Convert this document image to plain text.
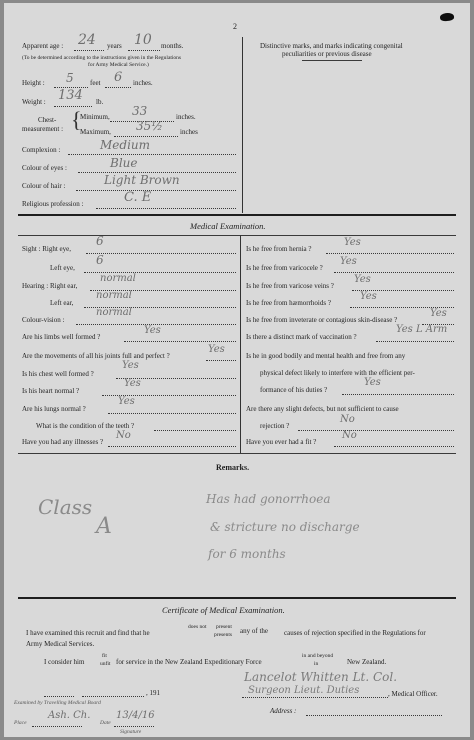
2
Apparent age : 24 years 10 months.
(To be determined according to the instructions given in the Regulations
for Army Medical Service.)
Height : 5 feet 6 inches.
Weight : 134 lb.
Chest-
measurement : {
Minimum, 33	inches.
Maximum, 35½ inches
Complexion :	Medium
Colour of eyes :	Blue
Colour of hair :	Light Brown
Religious profession :	C. E
Distinctive marks, and marks indicating congenital
peculiarities or previous disease
Medical Examination.
Sight : Right eye,
6
Left eye,
6
Hearing : Right ear,
normal
Left ear,
normal
Colour-vision :
normal
Are his limbs well formed ?
Yes
Are the movements of all his joints full and perfect ?
Yes
Is his chest well formed ?
Yes
Is his heart normal ?
Yes
Are his lungs normal ?
Yes
What is the condition of the teeth ?
Have you had any illnesses ?
No
Is he free from hernia ?
Yes
Is he free from varicocele ?
Yes
Is he free from varicose veins ?
Yes
Is he free from hæmorrhoids ?
Yes
Is he free from inveterate or contagious skin-disease ?
Yes
Is there a distinct mark of vaccination ?
Yes L Arm
Is he in good bodily and mental health and free from any
physical defect likely to interfere with the efficient per-
formance of his duties ?
Yes
Are there any slight defects, but not sufficient to cause
rejection ?
No
Have you ever had a fit ?
No
Remarks.
Class
A
Has had gonorrhoea
& stricture no discharge
for 6 months
Certificate of Medical Examination.
I have examined this recruit and find that he
does not present
presents any of the causes of rejection specified in the Regulations for
Army Medical Services.
I consider him
fit
unfit for service in the New Zealand Expeditionary Force
in and beyond
in	New Zealand.
, 191
Lancelot Whitten Lt. Col.
Surgeon Lieut. Duties	, Medical Officer.
Address :
Examined by Travelling Medical Board
Place
Ash. Ch.
Date
13/4/16
Signature
